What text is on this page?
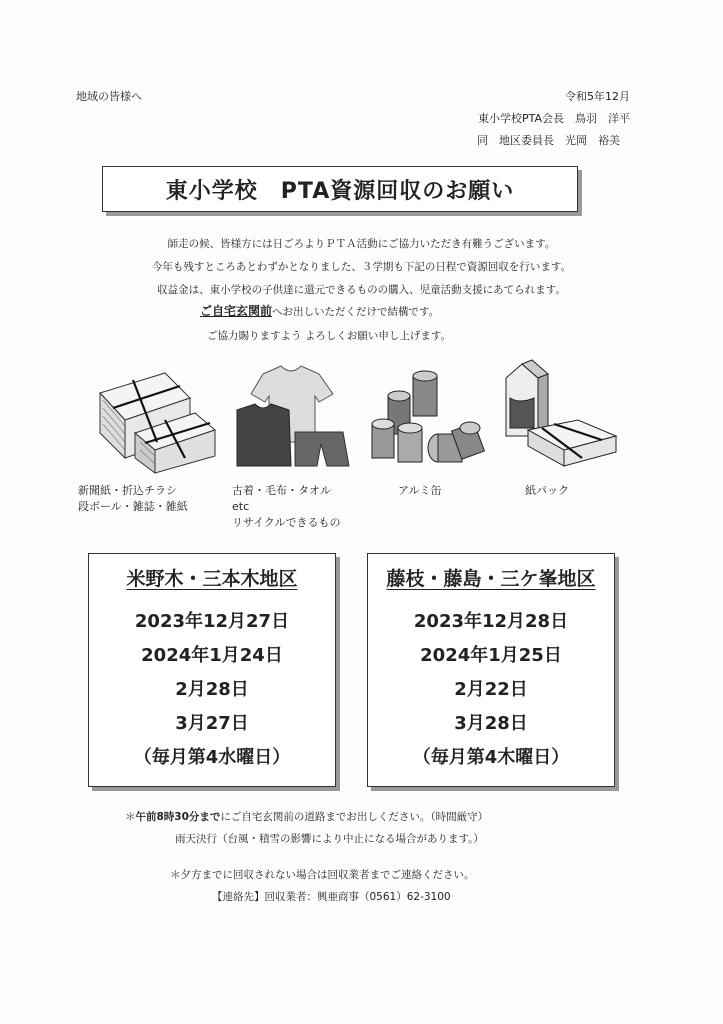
地域の皆様へ	令和5年12月
東小学校PTA会長　鳥羽　洋平
同　地区委員長　光岡　裕美
東小学校　PTA資源回収のお願い
師走の候、皆様方には日ごろよりＰＴＡ活動にご協力いただき有難うございます。
今年も残すところあとわずかとなりました、３学期も下記の日程で資源回収を行います。
収益金は、東小学校の子供達に還元できるものの購入、児童活動支援にあてられます。
ご自宅玄関前へお出しいただくだけで結構です。
ご協力賜りますよう よろしくお願い申し上げます。
新聞紙・折込チラシ
段ボール・雑誌・雑紙
古着・毛布・タオル
etc
リサイクルできるもの
アルミ缶	紙パック
米野木・三本木地区
2023年12月27日
2024年1月24日
2月28日
3月27日
（毎月第4水曜日）
藤枝・藤島・三ケ峯地区
2023年12月28日
2024年1月25日
2月22日
3月28日
（毎月第4木曜日）
＊午前8時30分までにご自宅玄関前の道路までお出しください。（時間厳守）
雨天決行（台風・積雪の影響により中止になる場合があります。）
＊夕方までに回収されない場合は回収業者までご連絡ください。
【連絡先】回収業者：興亜商事（0561）62-3100
